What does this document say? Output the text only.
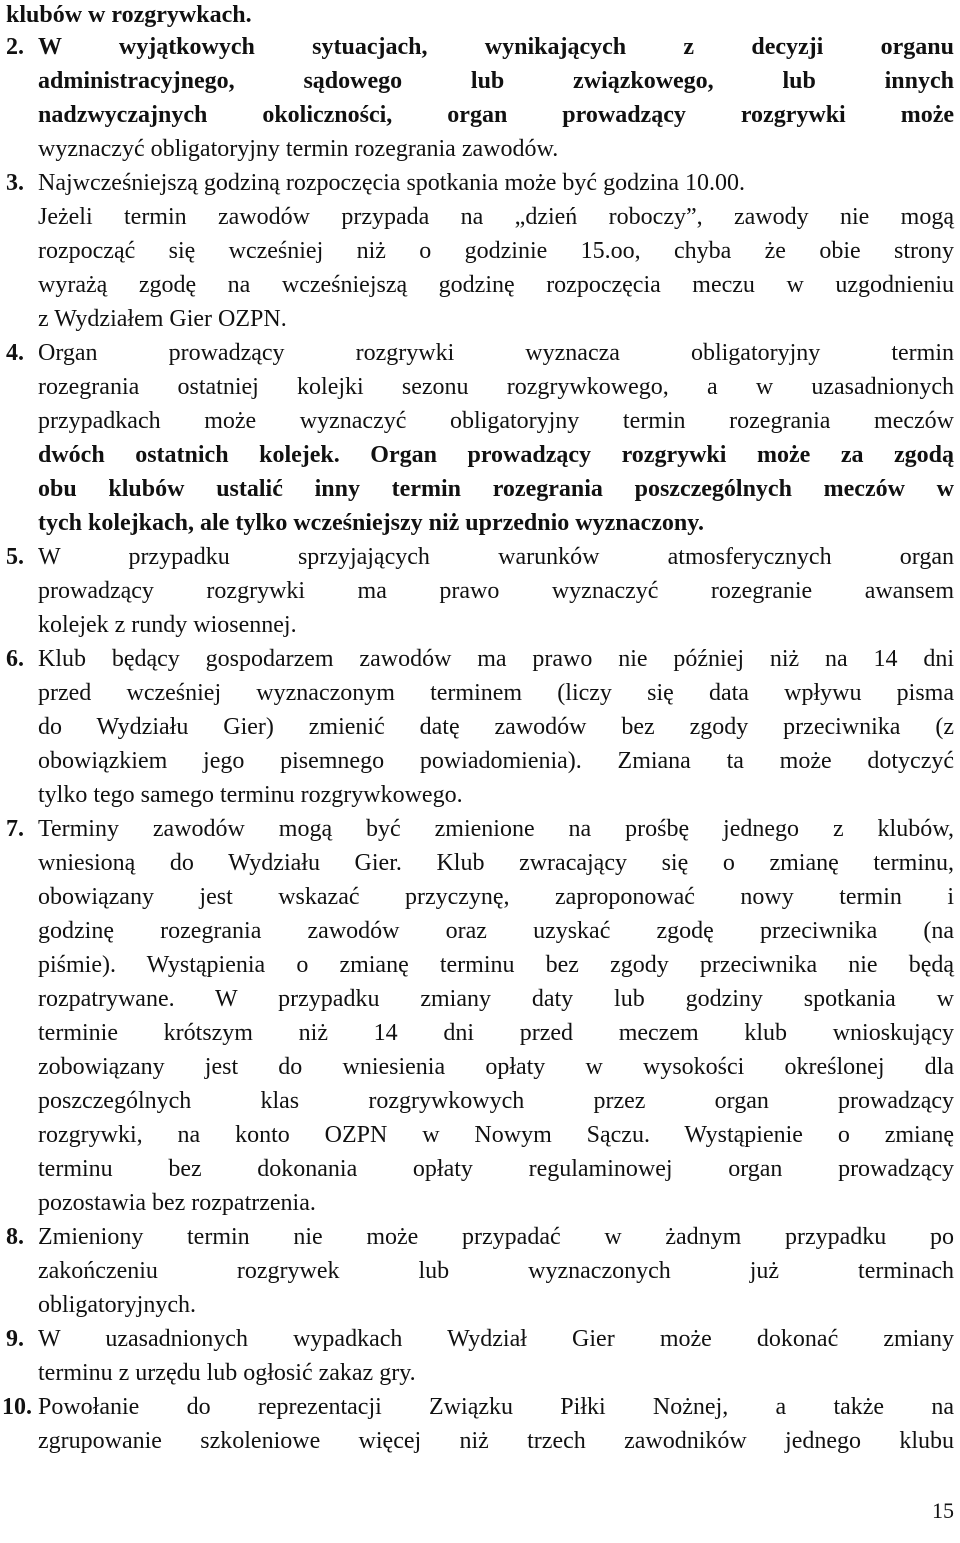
klubów w rozgrywkach.
2. W wyjątkowych sytuacjach, wynikających z decyzji organu
administracyjnego, sądowego lub związkowego, lub innych
nadzwyczajnych okoliczności, organ prowadzący rozgrywki może
wyznaczyć obligatoryjny termin rozegrania zawodów.
3. Najwcześniejszą godziną rozpoczęcia spotkania może być godzina 10.00.
Jeżeli termin zawodów przypada na „dzień roboczy”, zawody nie mogą
rozpocząć się wcześniej niż o godzinie 15.oo, chyba że obie strony
wyrażą zgodę na wcześniejszą godzinę rozpoczęcia meczu w uzgodnieniu
z Wydziałem Gier OZPN.
4. Organ prowadzący rozgrywki wyznacza obligatoryjny termin
rozegrania ostatniej kolejki sezonu rozgrywkowego, a w uzasadnionych
przypadkach może wyznaczyć obligatoryjny termin rozegrania meczów
dwóch ostatnich kolejek. Organ prowadzący rozgrywki może za zgodą
obu klubów ustalić inny termin rozegrania poszczególnych meczów w
tych kolejkach, ale tylko wcześniejszy niż uprzednio wyznaczony.
5. W przypadku sprzyjających warunków atmosferycznych organ
prowadzący rozgrywki ma prawo wyznaczyć rozegranie awansem
kolejek z rundy wiosennej.
6. Klub będący gospodarzem zawodów ma prawo nie później niż na 14 dni
przed wcześniej wyznaczonym terminem (liczy się data wpływu pisma
do Wydziału Gier) zmienić datę zawodów bez zgody przeciwnika (z
obowiązkiem jego pisemnego powiadomienia). Zmiana ta może dotyczyć
tylko tego samego terminu rozgrywkowego.
7. Terminy zawodów mogą być zmienione na prośbę jednego z klubów,
wniesioną do Wydziału Gier. Klub zwracający się o zmianę terminu,
obowiązany jest wskazać przyczynę, zaproponować nowy termin i
godzinę rozegrania zawodów oraz uzyskać zgodę przeciwnika (na
piśmie). Wystąpienia o zmianę terminu bez zgody przeciwnika nie będą
rozpatrywane. W przypadku zmiany daty lub godziny spotkania w
terminie krótszym niż 14 dni przed meczem klub wnioskujący
zobowiązany jest do wniesienia opłaty w wysokości określonej dla
poszczególnych klas rozgrywkowych przez organ prowadzący
rozgrywki, na konto OZPN w Nowym Sączu. Wystąpienie o zmianę
terminu bez dokonania opłaty regulaminowej organ prowadzący
pozostawia bez rozpatrzenia.
8. Zmieniony termin nie może przypadać w żadnym przypadku po
zakończeniu rozgrywek lub wyznaczonych już terminach
obligatoryjnych.
9. W uzasadnionych wypadkach Wydział Gier może dokonać zmiany
terminu z urzędu lub ogłosić zakaz gry.
10. Powołanie do reprezentacji Związku Piłki Nożnej, a także na
zgrupowanie szkoleniowe więcej niż trzech zawodników jednego klubu
15
